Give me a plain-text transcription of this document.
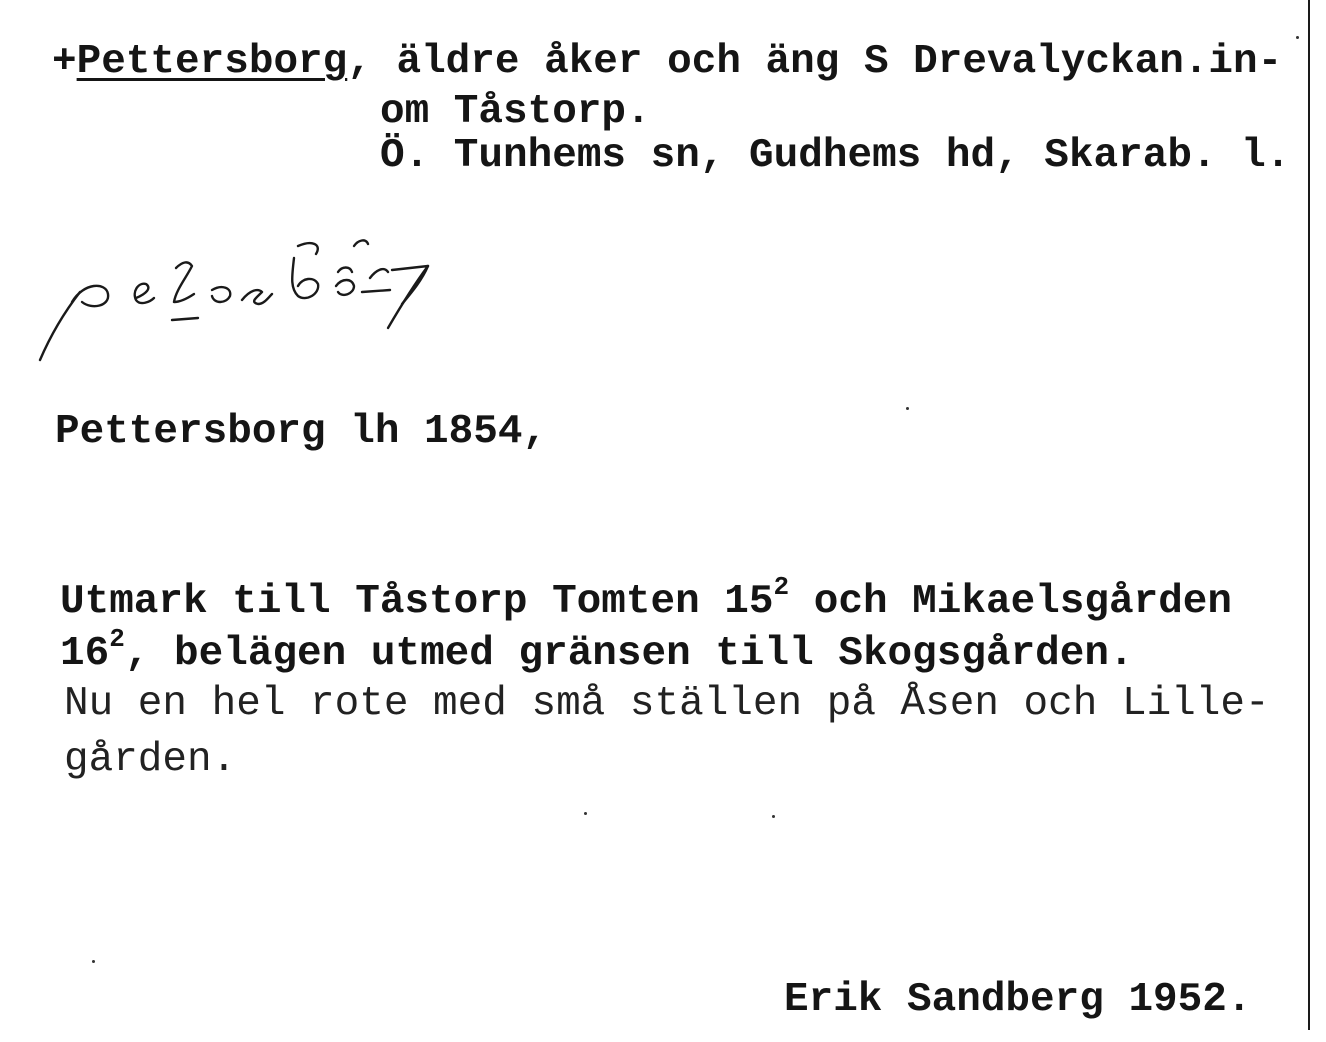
+Pettersborg, äldre åker och äng S Drevalyckan.in-
om Tåstorp.
Ö. Tunhems sn, Gudhems hd, Skarab. l.
Pettersborg lh 1854,
Utmark till Tåstorp Tomten $15^2$ och Mikaelsgården
$16^2$, belägen utmed gränsen till Skogsgården.
Nu en hel rote med små ställen på Åsen och Lille-
gården.
Erik Sandberg 1952.
